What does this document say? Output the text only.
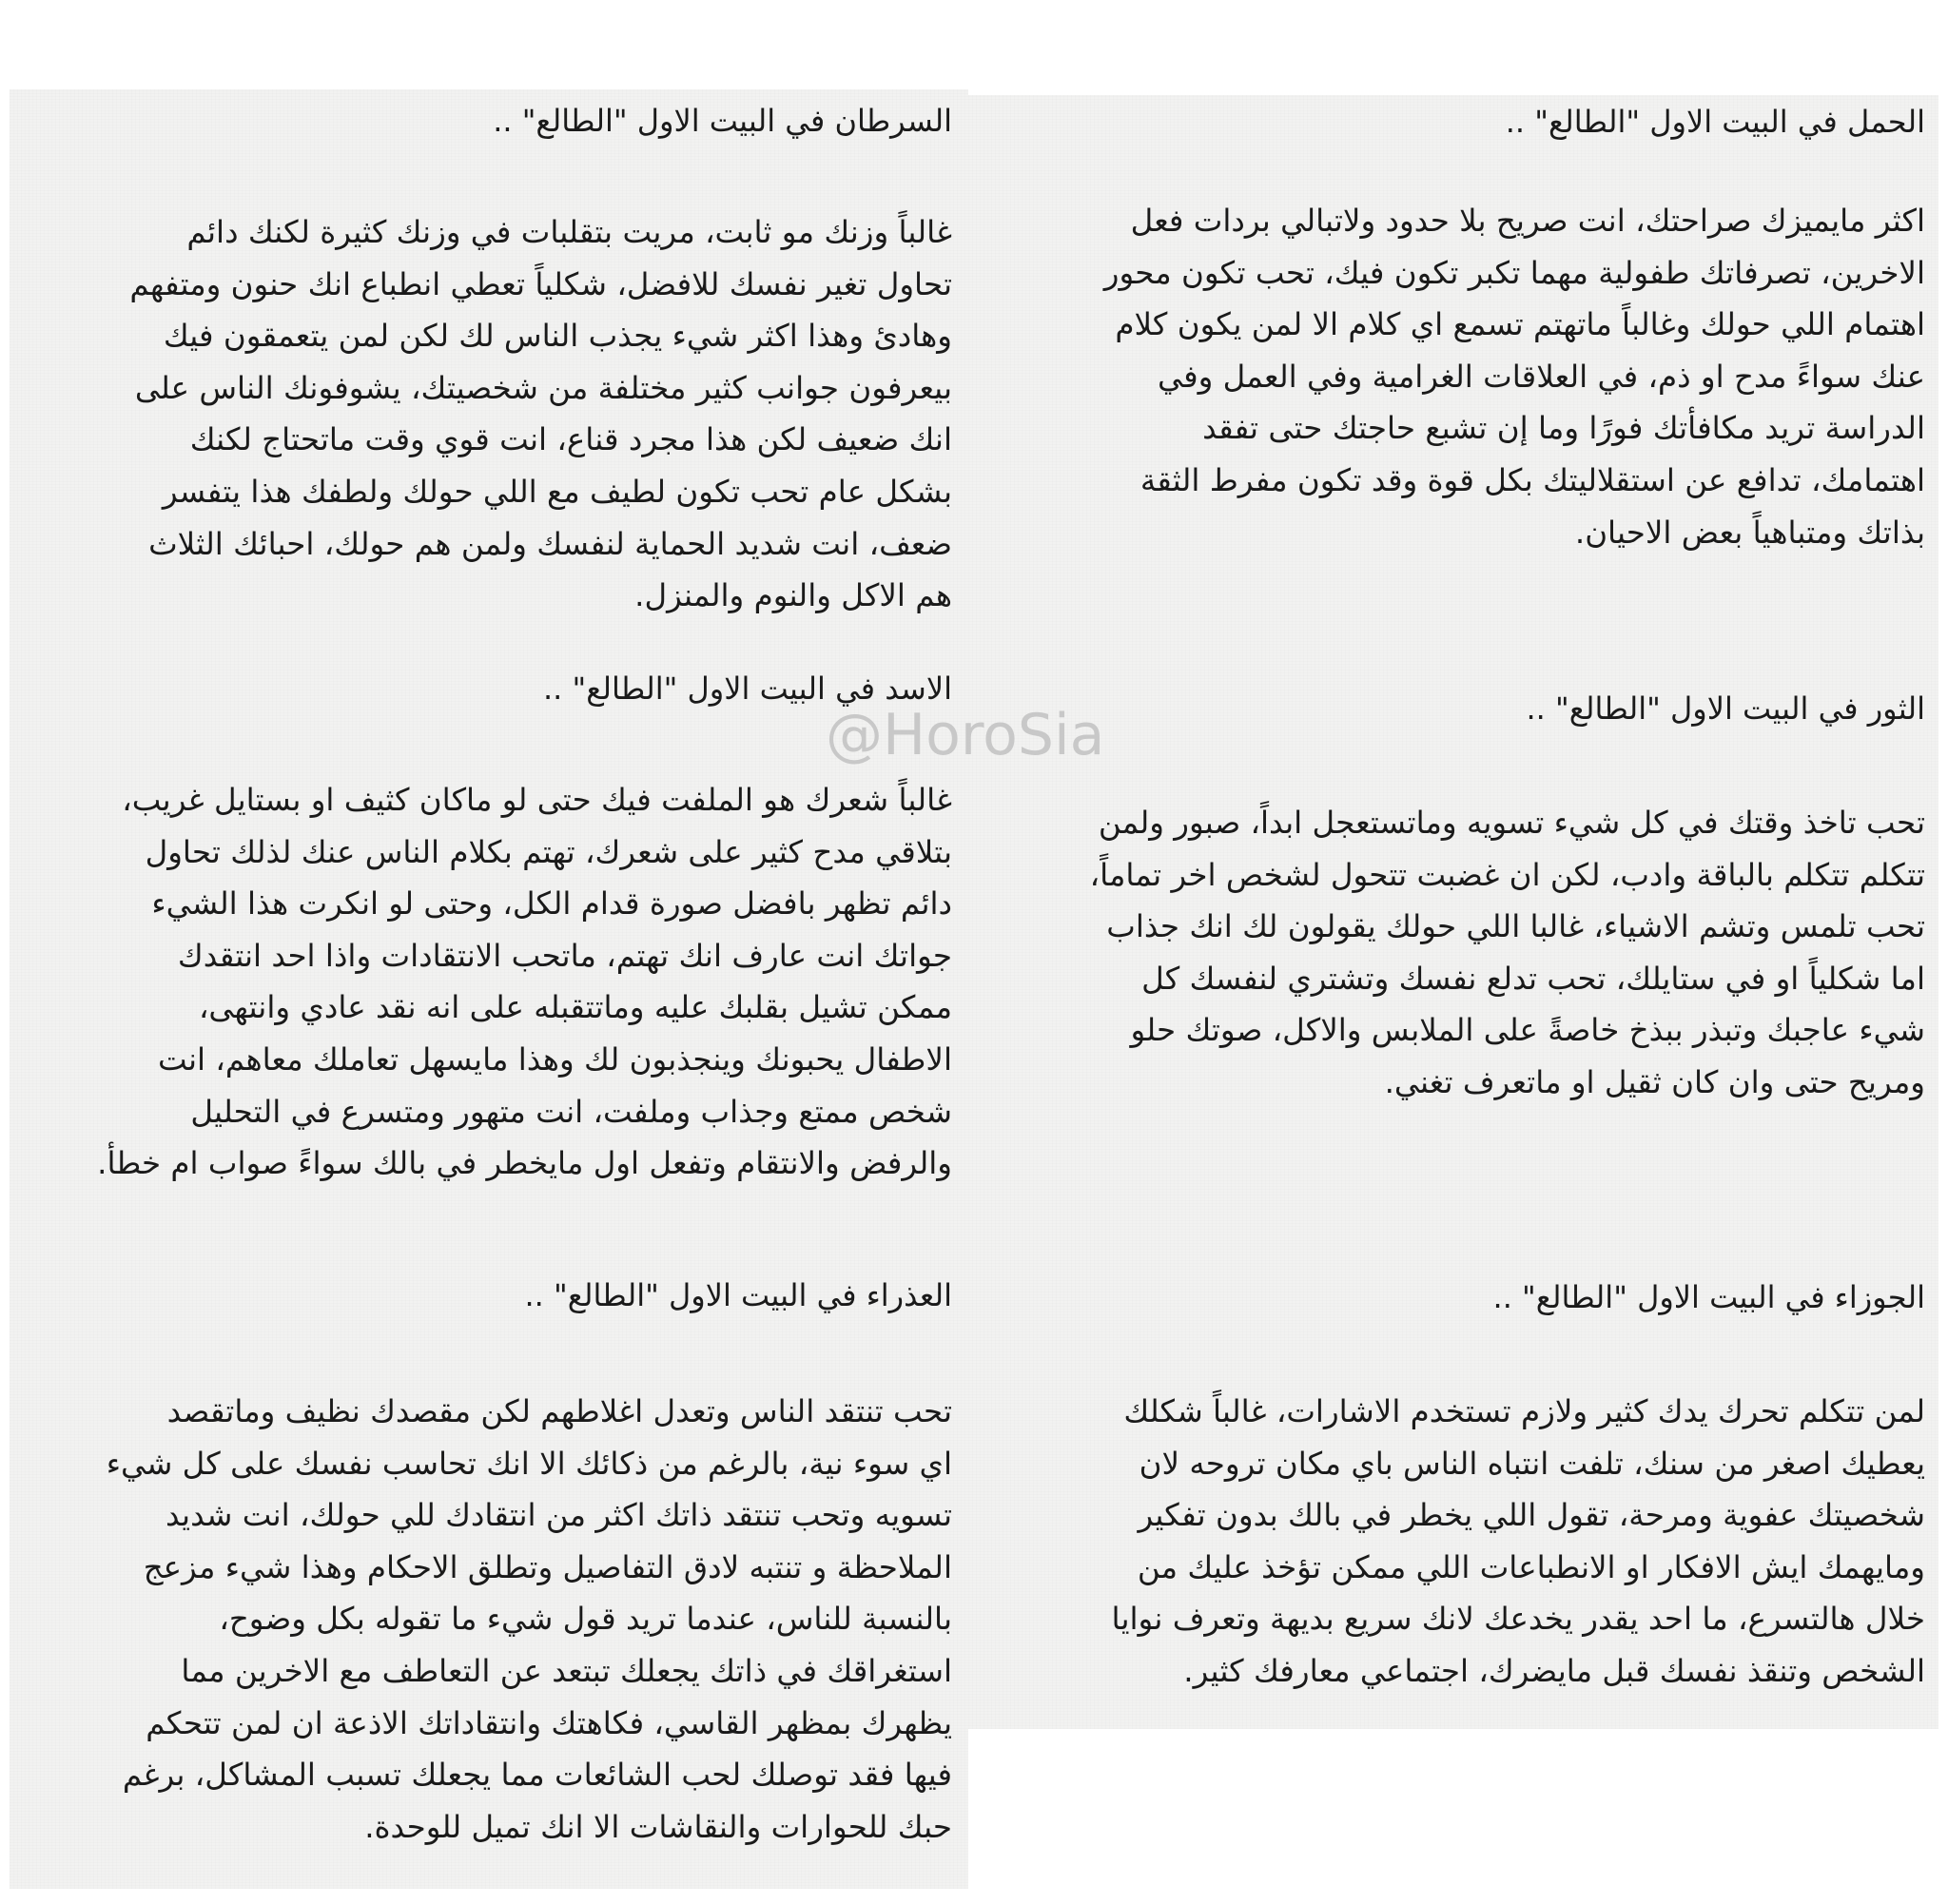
الحمل في البيت الاول "الطالع" ..
اكثر مايميزك صراحتك، انت صريح بلا حدود ولاتبالي بردات فعل
الاخرين، تصرفاتك طفولية مهما تكبر تكون فيك، تحب تكون محور
اهتمام اللي حولك وغالباً ماتهتم تسمع اي كلام الا لمن يكون كلام
عنك سواءً مدح او ذم، في العلاقات الغرامية وفي العمل وفي
الدراسة تريد مكافأتك فورًا وما إن تشبع حاجتك حتى تفقد
اهتمامك، تدافع عن استقلاليتك بكل قوة وقد تكون مفرط الثقة
بذاتك ومتباهياً بعض الاحيان.
الثور في البيت الاول "الطالع" ..
تحب تاخذ وقتك في كل شيء تسويه وماتستعجل ابداً، صبور ولمن
تتكلم تتكلم بالباقة وادب، لكن ان غضبت تتحول لشخص اخر تماماً،
تحب تلمس وتشم الاشياء، غالبا اللي حولك يقولون لك انك جذاب
اما شكلياً او في ستايلك، تحب تدلع نفسك وتشتري لنفسك كل
شيء عاجبك وتبذر ببذخ خاصةً على الملابس والاكل، صوتك حلو
ومريح حتى وان كان ثقيل او ماتعرف تغني.
الجوزاء في البيت الاول "الطالع" ..
لمن تتكلم تحرك يدك كثير ولازم تستخدم الاشارات، غالباً شكلك
يعطيك اصغر من سنك، تلفت انتباه الناس باي مكان تروحه لان
شخصيتك عفوية ومرحة، تقول اللي يخطر في بالك بدون تفكير
ومايهمك ايش الافكار او الانطباعات اللي ممكن تؤخذ عليك من
خلال هالتسرع، ما احد يقدر يخدعك لانك سريع بديهة وتعرف نوايا
الشخص وتنقذ نفسك قبل مايضرك، اجتماعي معارفك كثير.
السرطان في البيت الاول "الطالع" ..
غالباً وزنك مو ثابت، مريت بتقلبات في وزنك كثيرة لكنك دائم
تحاول تغير نفسك للافضل، شكلياً تعطي انطباع انك حنون ومتفهم
وهادئ وهذا اكثر شيء يجذب الناس لك لكن لمن يتعمقون فيك
بيعرفون جوانب كثير مختلفة من شخصيتك، يشوفونك الناس على
انك ضعيف لكن هذا مجرد قناع، انت قوي وقت ماتحتاج لكنك
بشكل عام تحب تكون لطيف مع اللي حولك ولطفك هذا يتفسر
ضعف، انت شديد الحماية لنفسك ولمن هم حولك، احبائك الثلاث
هم الاكل والنوم والمنزل.
الاسد في البيت الاول "الطالع" ..
غالباً شعرك هو الملفت فيك حتى لو ماكان كثيف او بستايل غريب،
بتلاقي مدح كثير على شعرك، تهتم بكلام الناس عنك لذلك تحاول
دائم تظهر بافضل صورة قدام الكل، وحتى لو انكرت هذا الشيء
جواتك انت عارف انك تهتم، ماتحب الانتقادات واذا احد انتقدك
ممكن تشيل بقلبك عليه وماتتقبله على انه نقد عادي وانتهى،
الاطفال يحبونك وينجذبون لك وهذا مايسهل تعاملك معاهم، انت
شخص ممتع وجذاب وملفت، انت متهور ومتسرع في التحليل
والرفض والانتقام وتفعل اول مايخطر في بالك سواءً صواب ام خطأ.
العذراء في البيت الاول "الطالع" ..
تحب تنتقد الناس وتعدل اغلاطهم لكن مقصدك نظيف وماتقصد
اي سوء نية، بالرغم من ذكائك الا انك تحاسب نفسك على كل شيء
تسويه وتحب تنتقد ذاتك اكثر من انتقادك للي حولك، انت شديد
الملاحظة و تنتبه لادق التفاصيل وتطلق الاحكام وهذا شيء مزعج
بالنسبة للناس، عندما تريد قول شيء ما تقوله بكل وضوح،
استغراقك في ذاتك يجعلك تبتعد عن التعاطف مع الاخرين مما
يظهرك بمظهر القاسي، فكاهتك وانتقاداتك الاذعة ان لمن تتحكم
فيها فقد توصلك لحب الشائعات مما يجعلك تسبب المشاكل، برغم
حبك للحوارات والنقاشات الا انك تميل للوحدة.
@HoroSia
